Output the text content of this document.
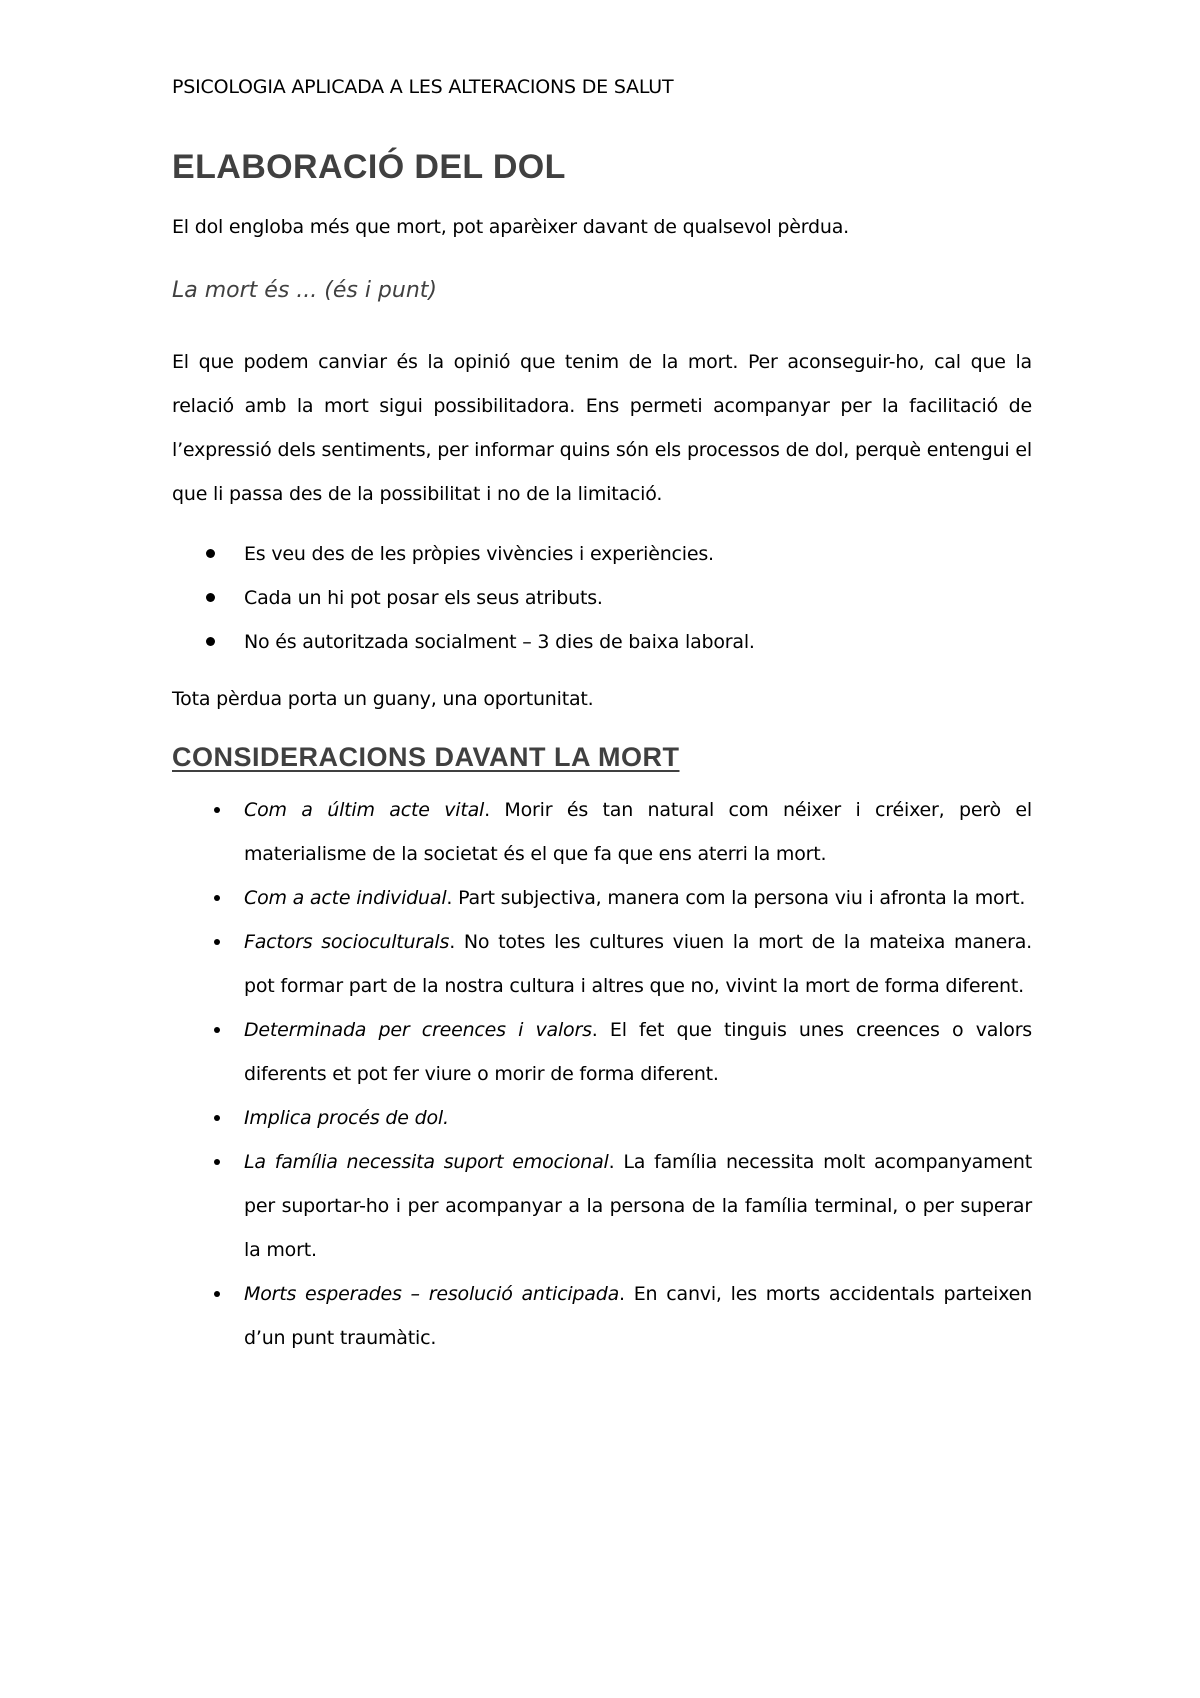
PSICOLOGIA APLICADA A LES ALTERACIONS DE SALUT

ELABORACIÓ DEL DOL

El dol engloba més que mort, pot aparèixer davant de qualsevol pèrdua.

La mort és ... (és i punt)

El que podem canviar és la opinió que tenim de la mort. Per aconseguir-ho, cal que la relació amb la mort sigui possibilitadora. Ens permeti acompanyar per la facilitació de l’expressió dels sentiments, per informar quins són els processos de dol, perquè entengui el que li passa des de la possibilitat i no de la limitació.

Es veu des de les pròpies vivències i experiències.
Cada un hi pot posar els seus atributs.
No és autoritzada socialment – 3 dies de baixa laboral.

Tota pèrdua porta un guany, una oportunitat.

CONSIDERACIONS DAVANT LA MORT
Com a últim acte vital. Morir és tan natural com néixer i créixer, però el materialisme de la societat és el que fa que ens aterri la mort.
Com a acte individual. Part subjectiva, manera com la persona viu i afronta la mort.
Factors socioculturals. No totes les cultures viuen la mort de la mateixa manera. pot formar part de la nostra cultura i altres que no, vivint la mort de forma diferent.
Determinada per creences i valors. El fet que tinguis unes creences o valors diferents et pot fer viure o morir de forma diferent.
Implica procés de dol.
La família necessita suport emocional. La família necessita molt acompanyament per suportar-ho i per acompanyar a la persona de la família terminal, o per superar la mort.
Morts esperades – resolució anticipada. En canvi, les morts accidentals parteixen d’un punt traumàtic.
